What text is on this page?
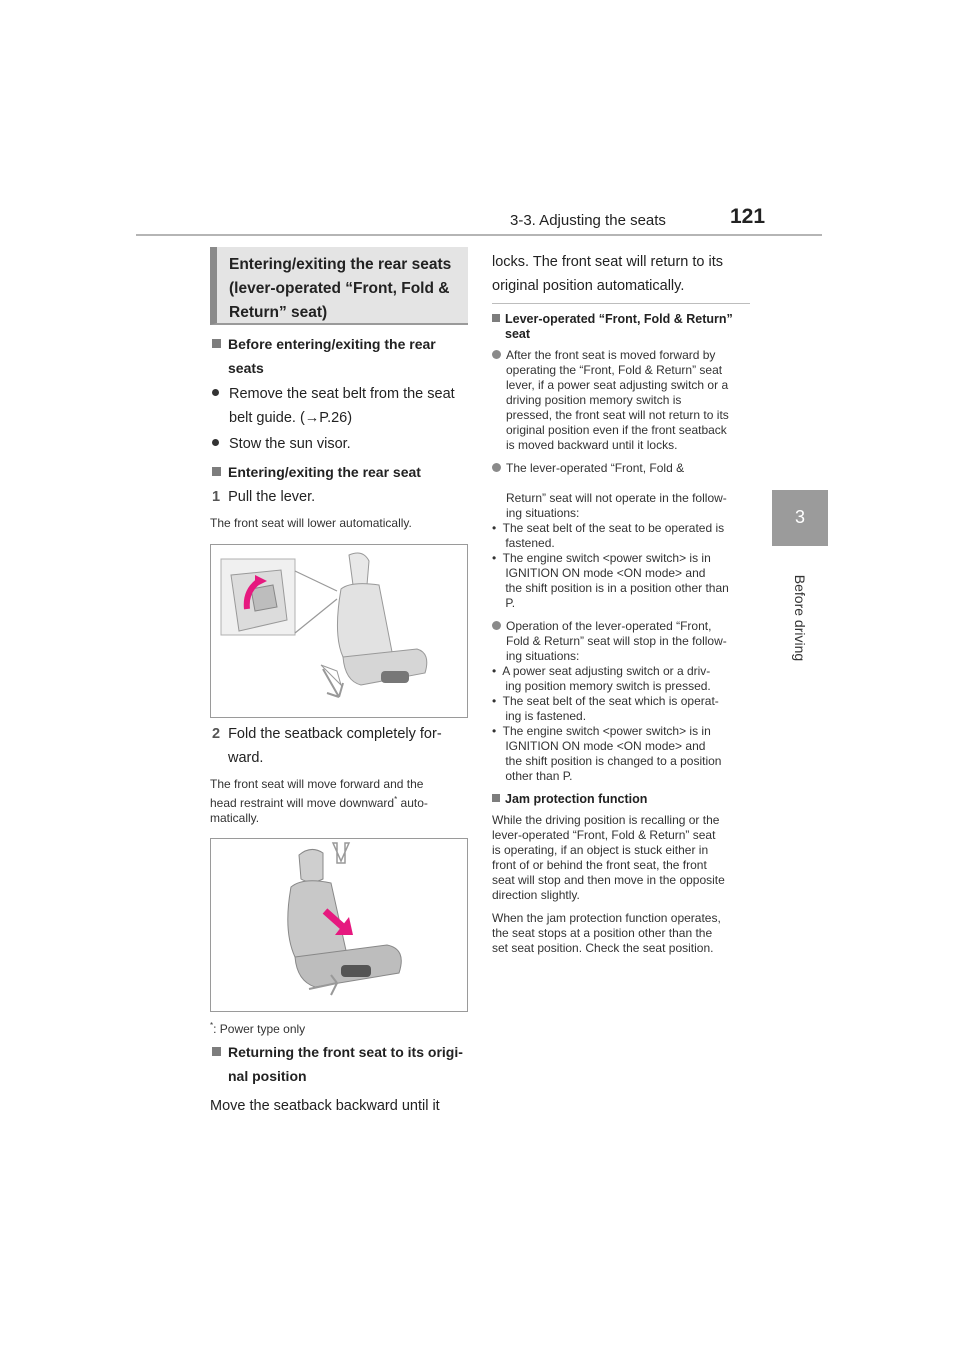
3-3. Adjusting the seats	121
3
Before driving
Entering/exiting the rear seats
(lever-operated “Front, Fold &
Return” seat)
Before entering/exiting the rear
seats
Remove the seat belt from the seat
belt guide. (→P.26)
Stow the sun visor.
Entering/exiting the rear seat
1 Pull the lever.
The front seat will lower automatically.
2 Fold the seatback completely for-
ward.
The front seat will move forward and the
head restraint will move downward* auto-
matically.
*: Power type only
Returning the front seat to its origi-
nal position
Move the seatback backward until it
locks. The front seat will return to its
original position automatically.
Lever-operated “Front, Fold & Return”
seat
After the front seat is moved forward by

operating the “Front, Fold & Return” seat
lever, if a power seat adjusting switch or a
driving position memory switch is
pressed, the front seat will not return to its
original position even if the front seatback
is moved backward until it locks.
The lever-operated “Front, Fold &

Return” seat will not operate in the follow-
ing situations:
•  The seat belt of the seat to be operated is
fastened.
•  The engine switch <power switch> is in
IGNITION ON mode <ON mode> and
the shift position is in a position other than
P.
Operation of the lever-operated “Front,

Fold & Return” seat will stop in the follow-
ing situations:
•  A power seat adjusting switch or a driv-
ing position memory switch is pressed.
•  The seat belt of the seat which is operat-
ing is fastened.
•  The engine switch <power switch> is in
IGNITION ON mode <ON mode> and
the shift position is changed to a position
other than P.
Jam protection function
While the driving position is recalling or the
lever-operated “Front, Fold & Return” seat
is operating, if an object is stuck either in
front of or behind the front seat, the front
seat will stop and then move in the opposite
direction slightly.
When the jam protection function operates,
the seat stops at a position other than the
set seat position. Check the seat position.
